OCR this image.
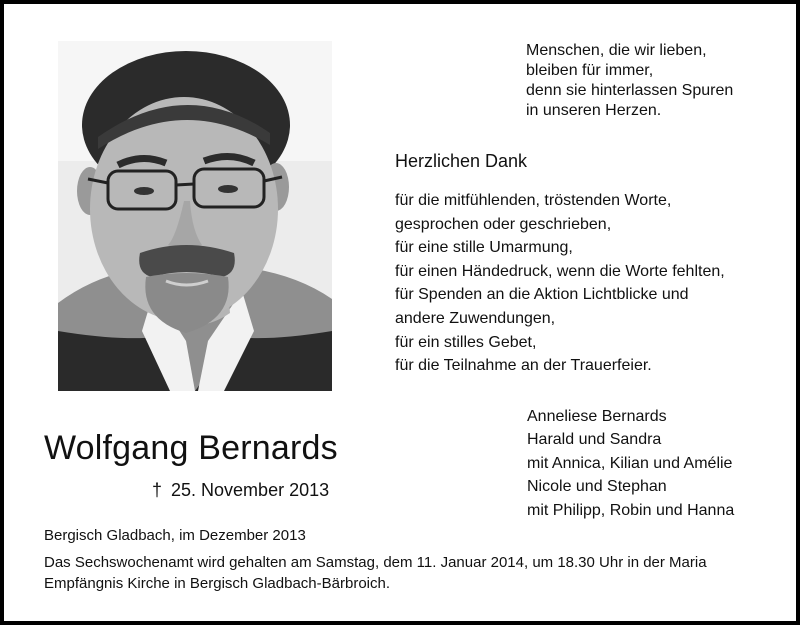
Menschen, die wir lieben,
bleiben für immer,
denn sie hinterlassen Spuren
in unseren Herzen.
Herzlichen Dank
für die mitfühlenden, tröstenden Worte,
gesprochen oder geschrieben,
für eine stille Umarmung,
für einen Händedruck, wenn die Worte fehlten,
für Spenden an die Aktion Lichtblicke und
andere Zuwendungen,
für ein stilles Gebet,
für die Teilnahme an der Trauerfeier.
Anneliese Bernards
Harald und Sandra
mit Annica, Kilian und Amélie
Nicole und Stephan
mit Philipp, Robin und Hanna
Wolfgang Bernards
† 25. November 2013
Bergisch Gladbach, im Dezember 2013
Das Sechswochenamt wird gehalten am Samstag, dem 11. Januar 2014, um 18.30 Uhr in der Maria Empfängnis Kirche in Bergisch Gladbach-Bärbroich.
